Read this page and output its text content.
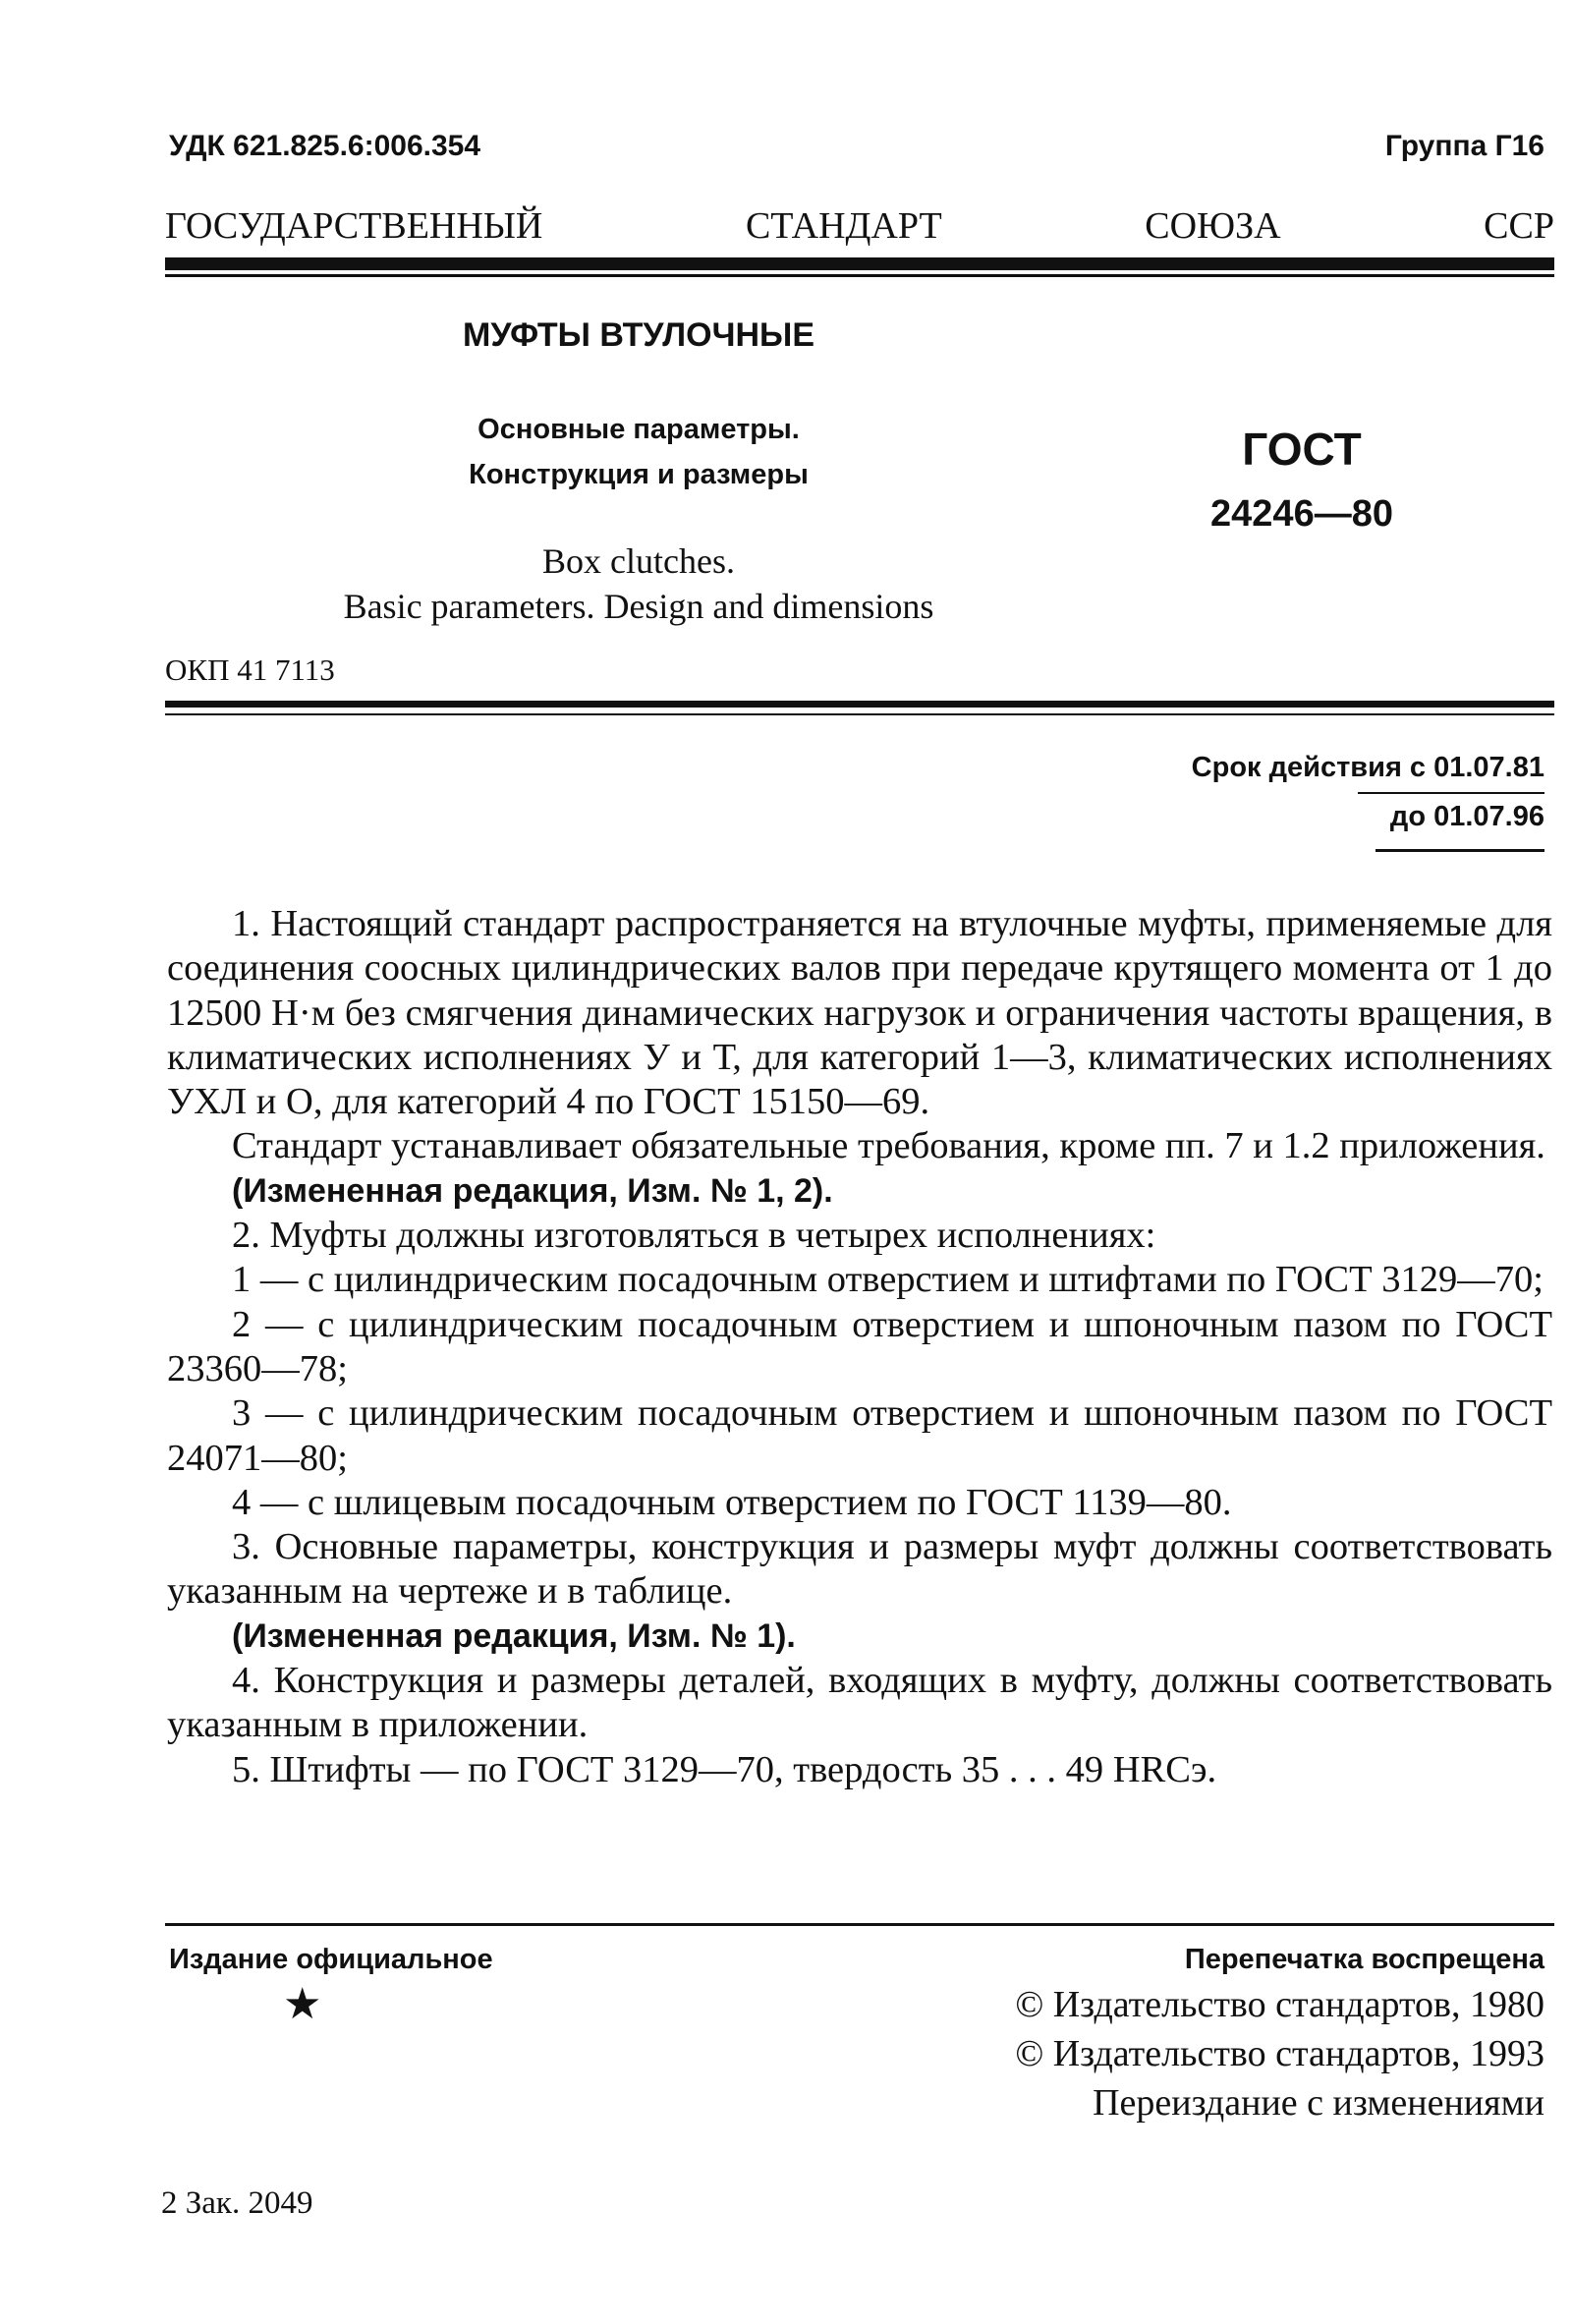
УДК 621.825.6:006.354	Группа Г16
ГОСУДАРСТВЕННЫЙ СТАНДАРТ СОЮЗА ССР
МУФТЫ ВТУЛОЧНЫЕ
Основные параметры.
Конструкция и размеры
Box clutches.
Basic parameters. Design and dimensions
ГОСТ
24246—80
ОКП 41 7113
Срок действия с 01.07.81
до 01.07.96

1. Настоящий стандарт распространяется на втулочные муфты, применяемые для соединения соосных цилиндрических валов при передаче крутящего момента от 1 до 12500 Н·м без смягчения динамических нагрузок и ограничения частоты вращения, в климатических исполнениях У и Т, для категорий 1—3, климатических исполнениях УХЛ и О, для категорий 4 по ГОСТ 15150—69.

Стандарт устанавливает обязательные требования, кроме пп. 7 и 1.2 приложения.

(Измененная редакция, Изм. № 1, 2).

2. Муфты должны изготовляться в четырех исполнениях:

1 — с цилиндрическим посадочным отверстием и штифтами по ГОСТ 3129—70;

2 — с цилиндрическим посадочным отверстием и шпоночным пазом по ГОСТ 23360—78;

3 — с цилиндрическим посадочным отверстием и шпоночным пазом по ГОСТ 24071—80;

4 — с шлицевым посадочным отверстием по ГОСТ 1139—80.

3. Основные параметры, конструкция и размеры муфт должны соответствовать указанным на чертеже и в таблице.

(Измененная редакция, Изм. № 1).

4. Конструкция и размеры деталей, входящих в муфту, должны соответствовать указанным в приложении.

5. Штифты — по ГОСТ 3129—70, твердость 35 . . . 49 HRCэ.

Издание официальное	Перепечатка воспрещена
★	© Издательство стандартов, 1980
© Издательство стандартов, 1993
Переиздание с изменениями
2 Зак. 2049
